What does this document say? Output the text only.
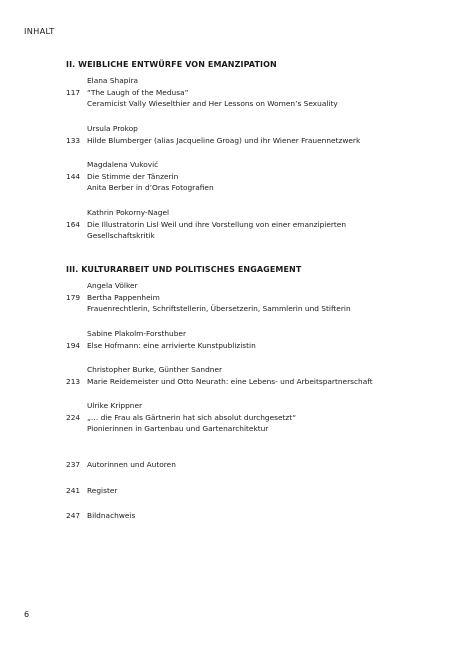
INHALT
II. WEIBLICHE ENTWÜRFE VON EMANZIPATION
Elana Shapira
117 “The Laugh of the Medusa”
Ceramicist Vally Wieselthier and Her Lessons on Women’s Sexuality
Ursula Prokop
133 Hilde Blumberger (alias Jacqueline Groag) und ihr Wiener Frauennetzwerk
Magdalena Vuković
144 Die Stimme der Tänzerin
Anita Berber in d’Oras Fotografien
Kathrin Pokorny-Nagel
164 Die Illustratorin Lisl Weil und ihre Vorstellung von einer emanzipierten
Gesellschaftskritik
III. KULTURARBEIT UND POLITISCHES ENGAGEMENT
Angela Völker
179 Bertha Pappenheim
Frauenrechtlerin, Schriftstellerin, Übersetzerin, Sammlerin und Stifterin
Sabine Plakolm-Forsthuber
194 Else Hofmann: eine arrivierte Kunstpublizistin
Christopher Burke, Günther Sandner
213 Marie Reidemeister und Otto Neurath: eine Lebens- und Arbeitspartnerschaft
Ulrike Krippner
224 „… die Frau als Gärtnerin hat sich absolut durchgesetzt“
Pionierinnen in Gartenbau und Gartenarchitektur
237 Autorinnen und Autoren
241 Register
247 Bildnachweis
6
